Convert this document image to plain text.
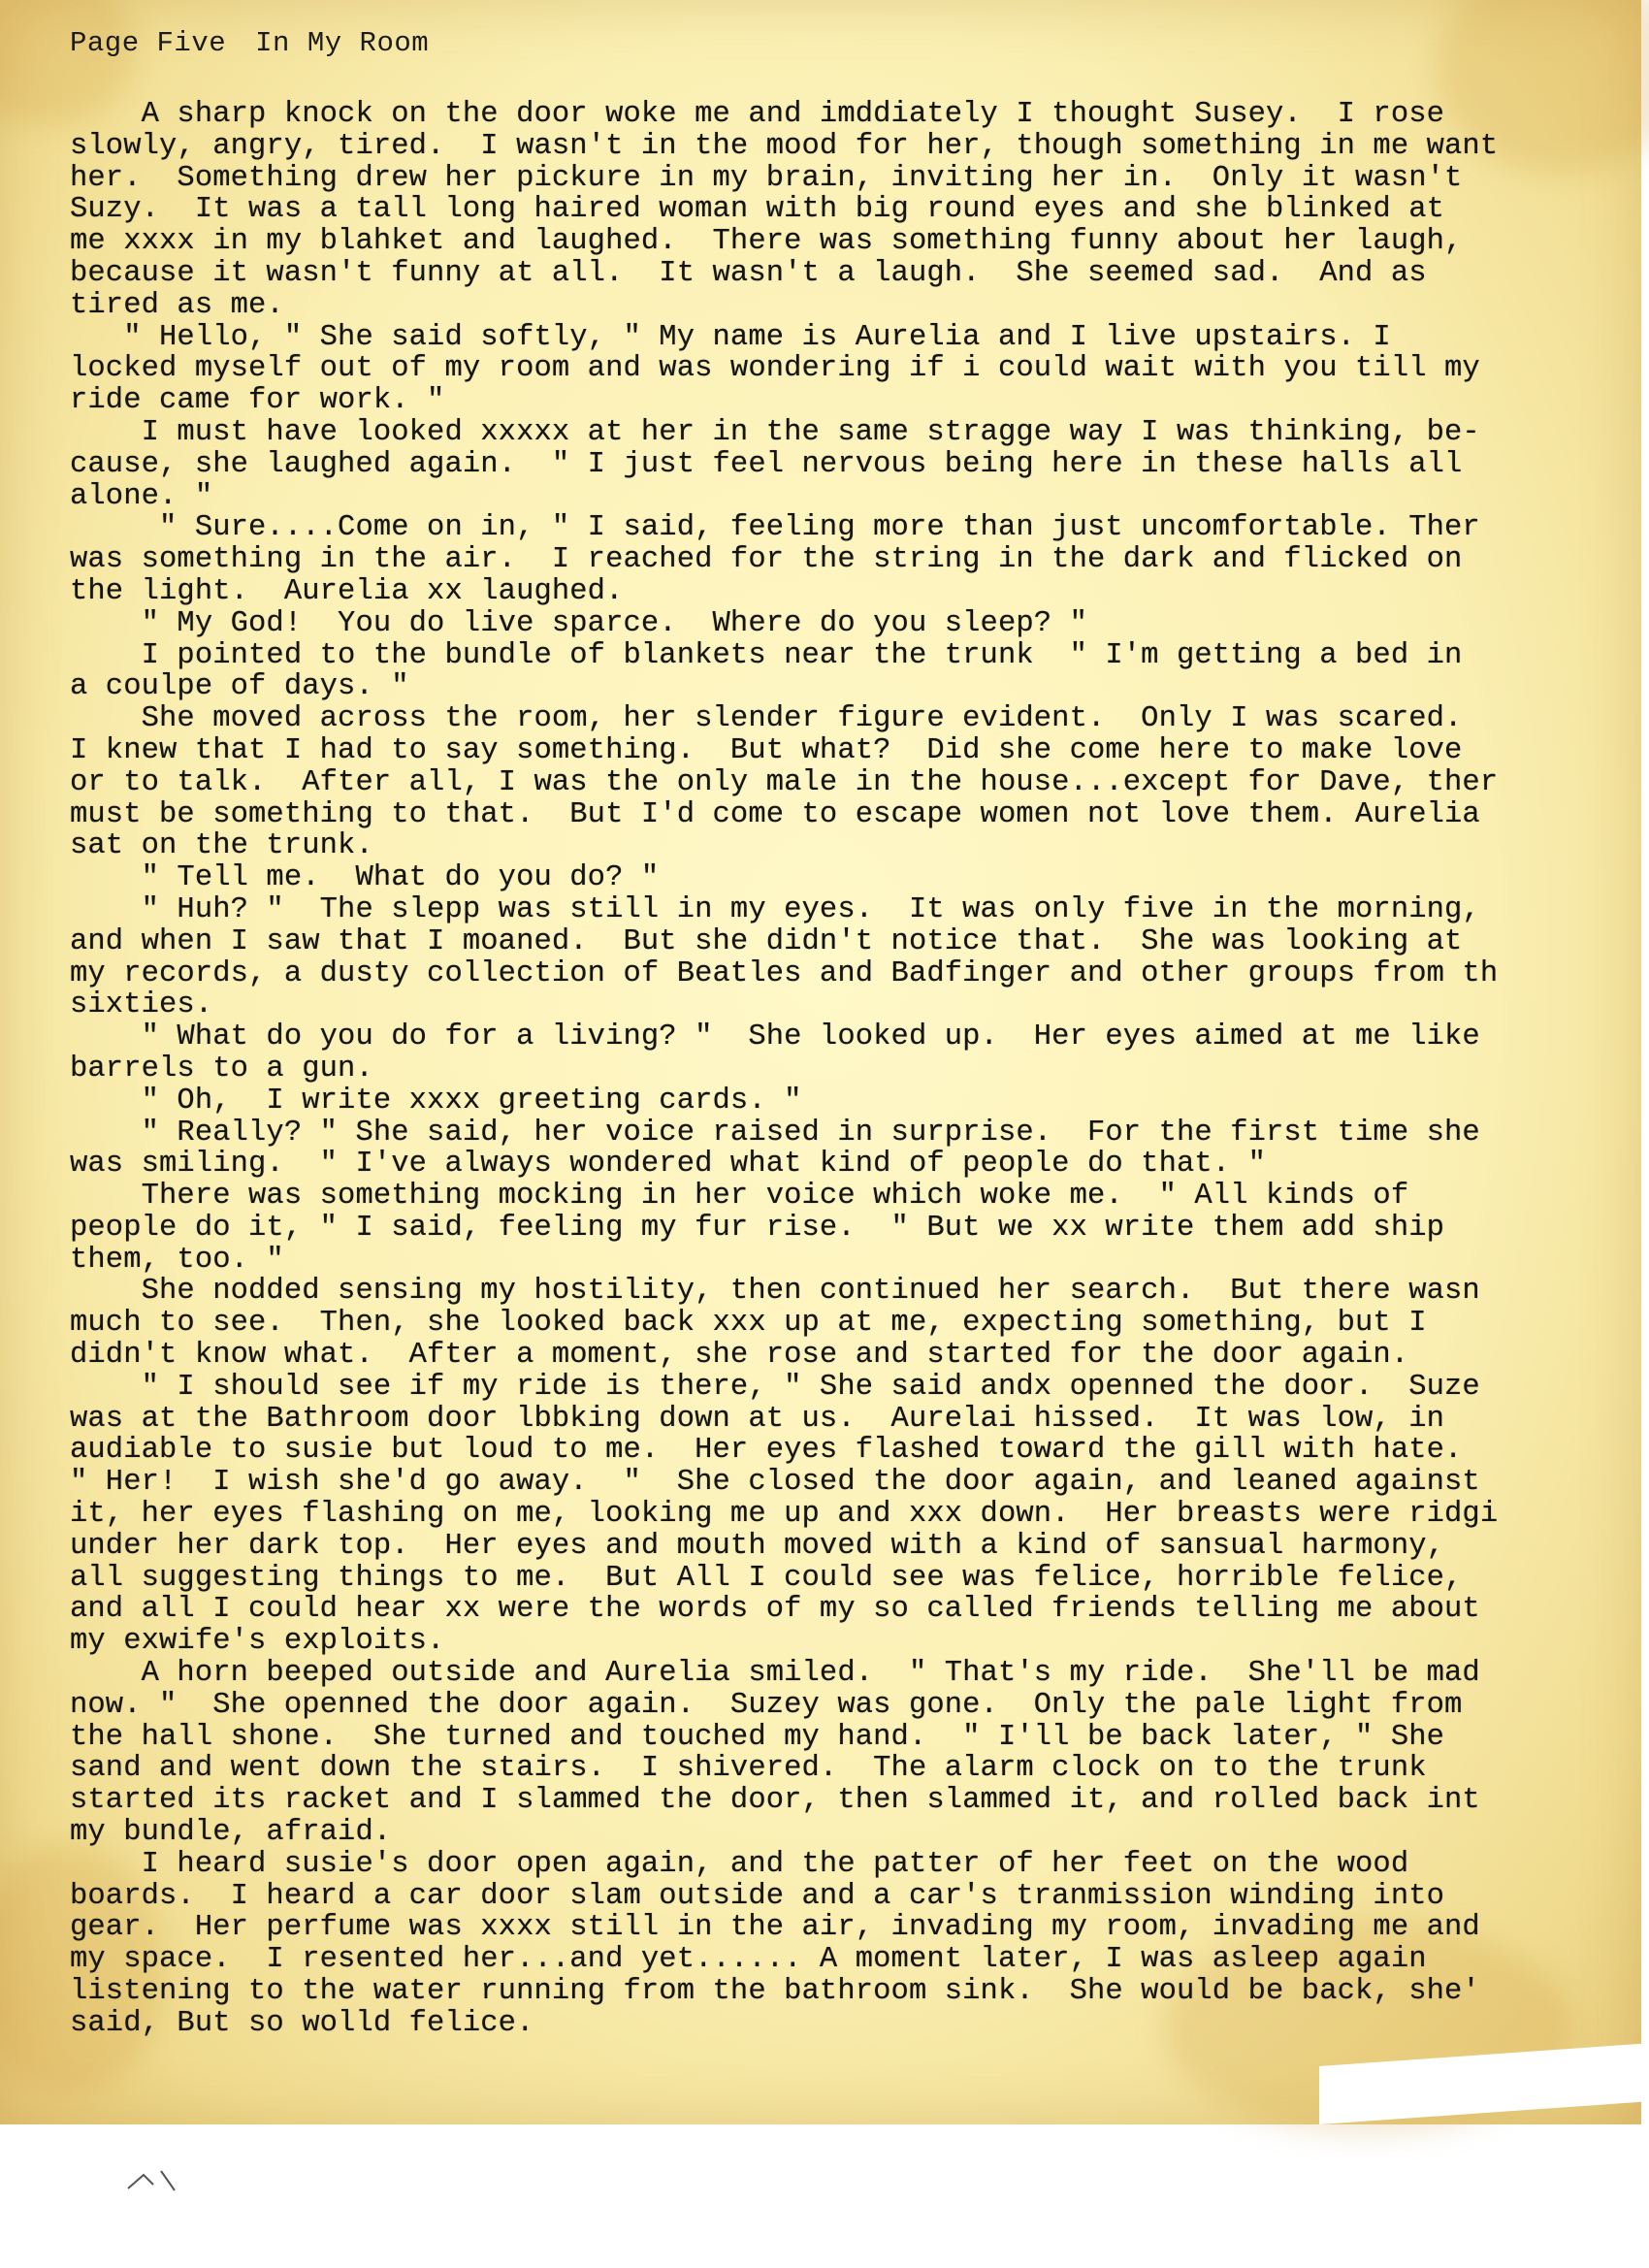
Page Five In My Room
A sharp knock on the door woke me and imddiately I thought Susey.  I rose
slowly, angry, tired.  I wasn't in the mood for her, though something in me want
her.  Something drew her pickure in my brain, inviting her in.  Only it wasn't
Suzy.  It was a tall long haired woman with big round eyes and she blinked at
me xxxx in my blahket and laughed.  There was something funny about her laugh,
because it wasn't funny at all.  It wasn't a laugh.  She seemed sad.  And as
tired as me.
" Hello, " She said softly, " My name is Aurelia and I live upstairs. I
locked myself out of my room and was wondering if i could wait with you till my
ride came for work. "
I must have looked xxxxx at her in the same stragge way I was thinking, be-
cause, she laughed again.  " I just feel nervous being here in these halls all
alone. "
" Sure....Come on in, " I said, feeling more than just uncomfortable. Ther
was something in the air.  I reached for the string in the dark and flicked on
the light.  Aurelia xx laughed.
" My God!  You do live sparce.  Where do you sleep? "
I pointed to the bundle of blankets near the trunk  " I'm getting a bed in
a coulpe of days. "
She moved across the room, her slender figure evident.  Only I was scared.
I knew that I had to say something.  But what?  Did she come here to make love
or to talk.  After all, I was the only male in the house...except for Dave, ther
must be something to that.  But I'd come to escape women not love them. Aurelia
sat on the trunk.
" Tell me.  What do you do? "
" Huh? "  The slepp was still in my eyes.  It was only five in the morning,
and when I saw that I moaned.  But she didn't notice that.  She was looking at
my records, a dusty collection of Beatles and Badfinger and other groups from th
sixties.
" What do you do for a living? "  She looked up.  Her eyes aimed at me like
barrels to a gun.
" Oh,  I write xxxx greeting cards. "
" Really? " She said, her voice raised in surprise.  For the first time she
was smiling.  " I've always wondered what kind of people do that. "
There was something mocking in her voice which woke me.  " All kinds of
people do it, " I said, feeling my fur rise.  " But we xx write them add ship
them, too. "
She nodded sensing my hostility, then continued her search.  But there wasn
much to see.  Then, she looked back xxx up at me, expecting something, but I
didn't know what.  After a moment, she rose and started for the door again.
" I should see if my ride is there, " She said andx openned the door.  Suze
was at the Bathroom door lbbking down at us.  Aurelai hissed.  It was low, in
audiable to susie but loud to me.  Her eyes flashed toward the gill with hate.
" Her!  I wish she'd go away.  "  She closed the door again, and leaned against
it, her eyes flashing on me, looking me up and xxx down.  Her breasts were ridgi
under her dark top.  Her eyes and mouth moved with a kind of sansual harmony,
all suggesting things to me.  But All I could see was felice, horrible felice,
and all I could hear xx were the words of my so called friends telling me about
my exwife's exploits.
A horn beeped outside and Aurelia smiled.  " That's my ride.  She'll be mad
now. "  She openned the door again.  Suzey was gone.  Only the pale light from
the hall shone.  She turned and touched my hand.  " I'll be back later, " She
sand and went down the stairs.  I shivered.  The alarm clock on to the trunk
started its racket and I slammed the door, then slammed it, and rolled back int
my bundle, afraid.
I heard susie's door open again, and the patter of her feet on the wood
boards.  I heard a car door slam outside and a car's tranmission winding into
gear.  Her perfume was xxxx still in the air, invading my room, invading me and
my space.  I resented her...and yet...... A moment later, I was asleep again
listening to the water running from the bathroom sink.  She would be back, she'
said, But so wolld felice.
